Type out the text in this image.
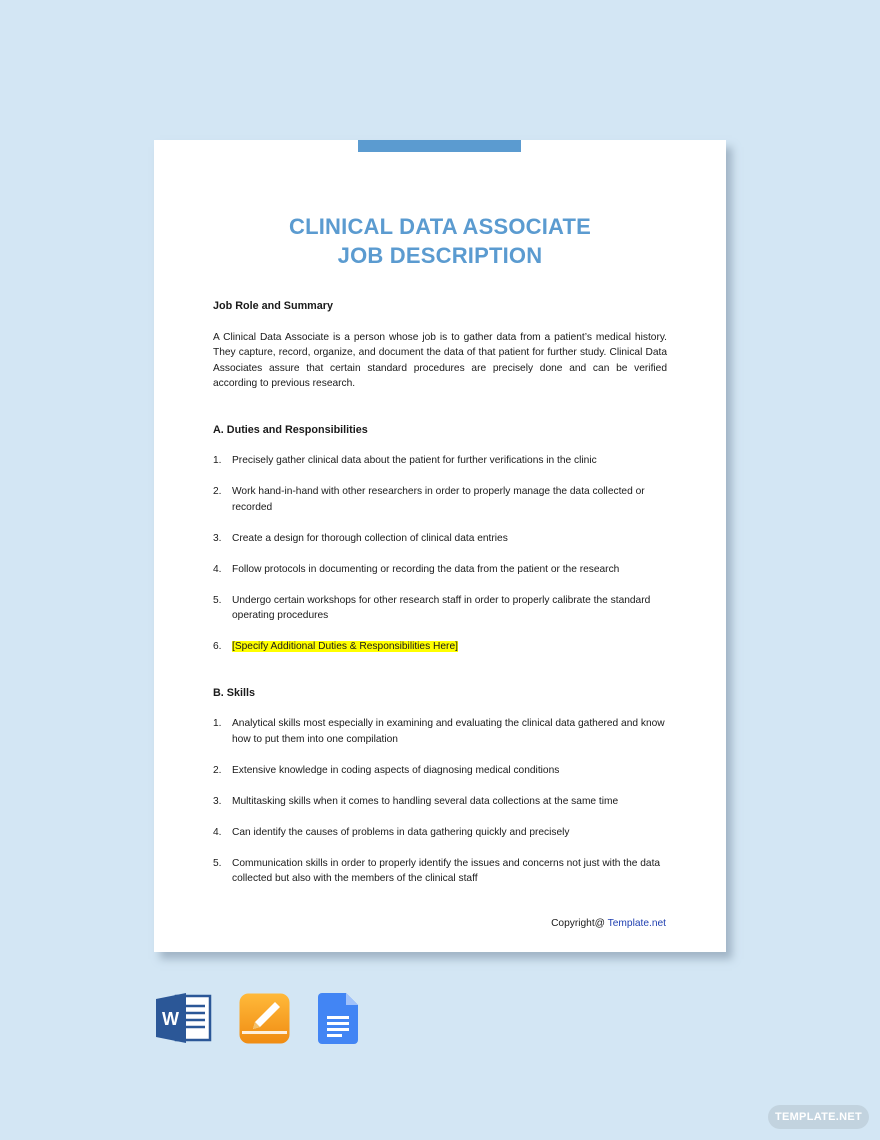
CLINICAL DATA ASSOCIATE
JOB DESCRIPTION

Job Role and Summary

A Clinical Data Associate is a person whose job is to gather data from a patient’s medical history. They capture, record, organize, and document the data of that patient for further study. Clinical Data Associates assure that certain standard procedures are precisely done and can be verified according to previous research.

A. Duties and Responsibilities

1. Precisely gather clinical data about the patient for further verifications in the clinic
2. Work hand-in-hand with other researchers in order to properly manage the data collected or recorded
3. Create a design for thorough collection of clinical data entries
4. Follow protocols in documenting or recording the data from the patient or the research
5. Undergo certain workshops for other research staff in order to properly calibrate the standard operating procedures
6. [Specify Additional Duties & Responsibilities Here]

B. Skills

1. Analytical skills most especially in examining and evaluating the clinical data gathered and know how to put them into one compilation
2. Extensive knowledge in coding aspects of diagnosing medical conditions
3. Multitasking skills when it comes to handling several data collections at the same time
4. Can identify the causes of problems in data gathering quickly and precisely
5. Communication skills in order to properly identify the issues and concerns not just with the data collected but also with the members of the clinical staff
Copyright@ Template.net
W
TEMPLATE.NET
